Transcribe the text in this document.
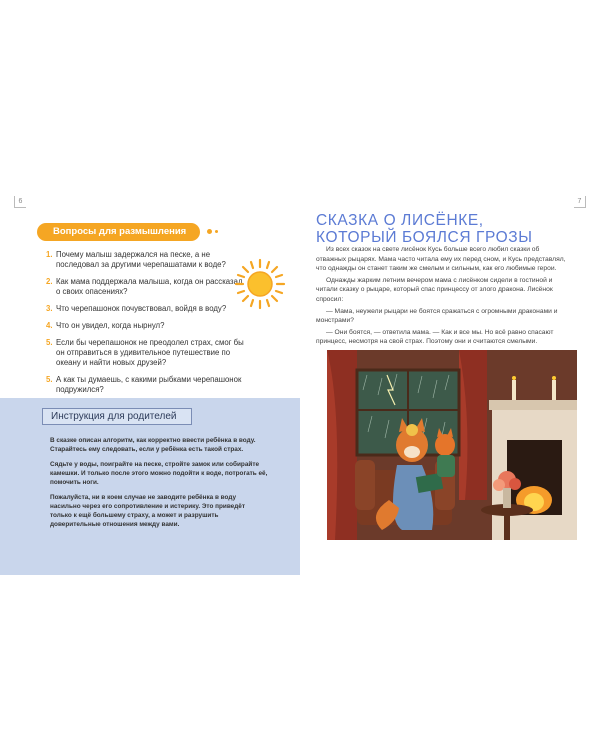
6
Вопросы для размышления
1. Почему малыш задержался на песке, а не последовал за другими черепашатами к воде?
2. Как мама поддержала малыша, когда он рассказал о своих опасениях?
3. Что черепашонок почувствовал, войдя в воду?
4. Что он увидел, когда нырнул?
5. Если бы черепашонок не преодолел страх, смог бы он отправиться в удивительное путешествие по океану и найти новых друзей?
5. А как ты думаешь, с какими рыбками черепашонок подружился?
Инструкция для родителей

В сказке описан алгоритм, как корректно ввести ребёнка в воду. Старайтесь ему следовать, если у ребёнка есть такой страх.

Сядьте у воды, поиграйте на песке, стройте замок или собирайте камешки. И только после этого можно подойти к воде, потрогать её, помочить ноги.

Пожалуйста, ни в коем случае не заводите ребёнка в воду насильно через его сопротивление и истерику. Это приведёт только к ещё большему страху, а может и разрушить доверительные отношения между вами.

7
СКАЗКА О ЛИСЁНКЕ,
КОТОРЫЙ БОЯЛСЯ ГРОЗЫ

Из всех сказок на свете лисёнок Кусь больше всего любил сказки об отважных рыцарях. Мама часто читала ему их перед сном, и Кусь представлял, что однажды он станет таким же смелым и сильным, как его любимые герои.

Однажды жарким летним вечером мама с лисёнком сидели в гостиной и читали сказку о рыцаре, который спас принцессу от злого дракона. Лисёнок спросил:

— Мама, неужели рыцари не боятся сражаться с огромными драконами и монстрами?

— Они боятся, — ответила мама. — Как и все мы. Но всё равно спасают принцесс, несмотря на свой страх. Поэтому они и считаются смелыми.
